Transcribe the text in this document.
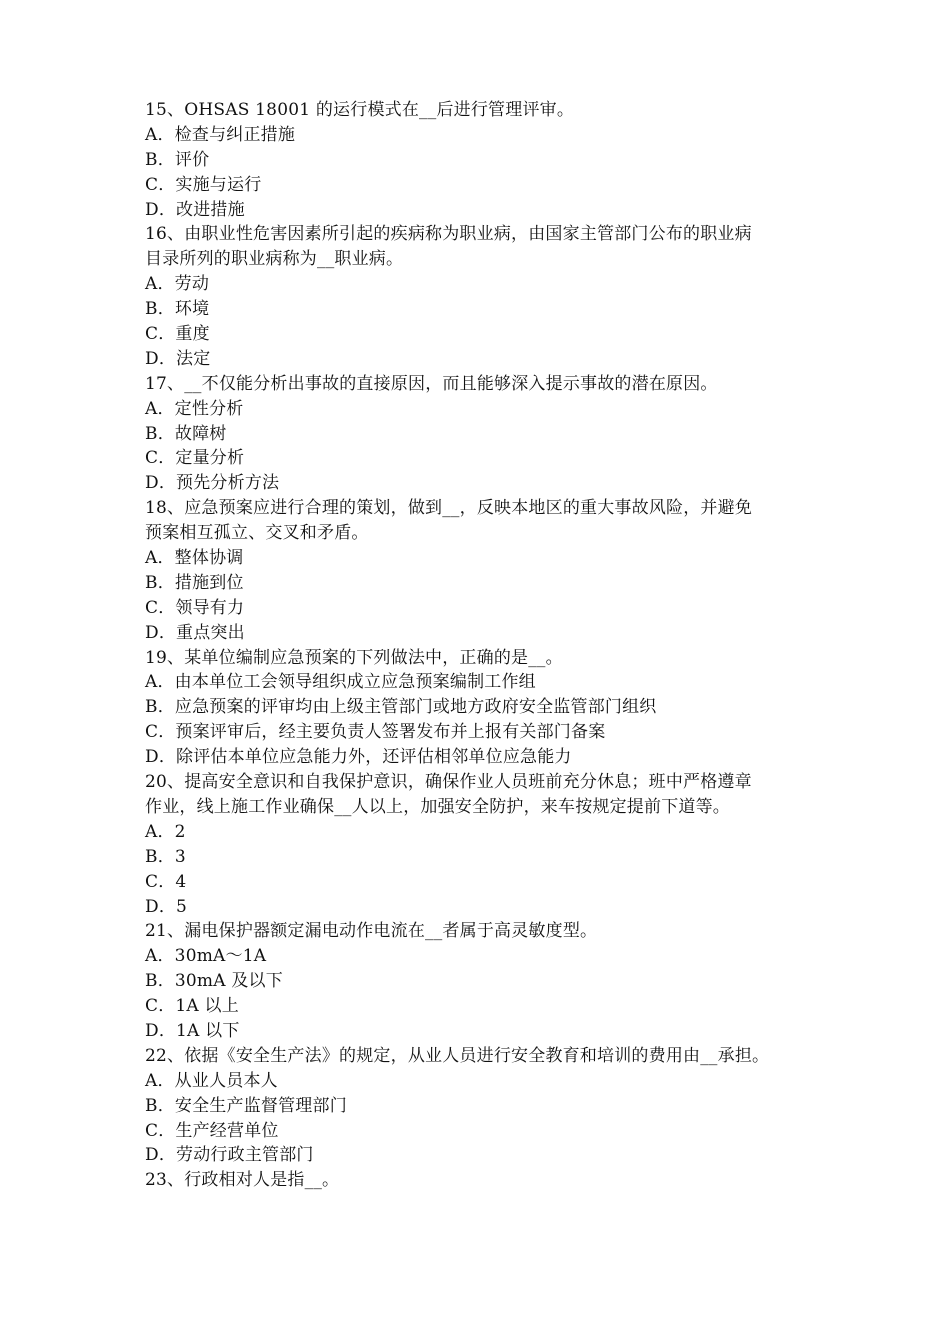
15、OHSAS 18001 的运行模式在__后进行管理评审。
A．检查与纠正措施
B．评价
C．实施与运行
D．改进措施
16、由职业性危害因素所引起的疾病称为职业病，由国家主管部门公布的职业病
目录所列的职业病称为__职业病。
A．劳动
B．环境
C．重度
D．法定
17、__不仅能分析出事故的直接原因，而且能够深入提示事故的潜在原因。
A．定性分析
B．故障树
C．定量分析
D．预先分析方法
18、应急预案应进行合理的策划，做到__，反映本地区的重大事故风险，并避免
预案相互孤立、交叉和矛盾。
A．整体协调
B．措施到位
C．领导有力
D．重点突出
19、某单位编制应急预案的下列做法中，正确的是__。
A．由本单位工会领导组织成立应急预案编制工作组
B．应急预案的评审均由上级主管部门或地方政府安全监管部门组织
C．预案评审后，经主要负责人签署发布并上报有关部门备案
D．除评估本单位应急能力外，还评估相邻单位应急能力
20、提高安全意识和自我保护意识，确保作业人员班前充分休息；班中严格遵章
作业，线上施工作业确保__人以上，加强安全防护，来车按规定提前下道等。
A．2
B．3
C．4
D．5
21、漏电保护器额定漏电动作电流在__者属于高灵敏度型。
A．30mA～1A
B．30mA 及以下
C．1A 以上
D．1A 以下
22、依据《安全生产法》的规定，从业人员进行安全教育和培训的费用由__承担。
A．从业人员本人
B．安全生产监督管理部门
C．生产经营单位
D．劳动行政主管部门
23、行政相对人是指__。
